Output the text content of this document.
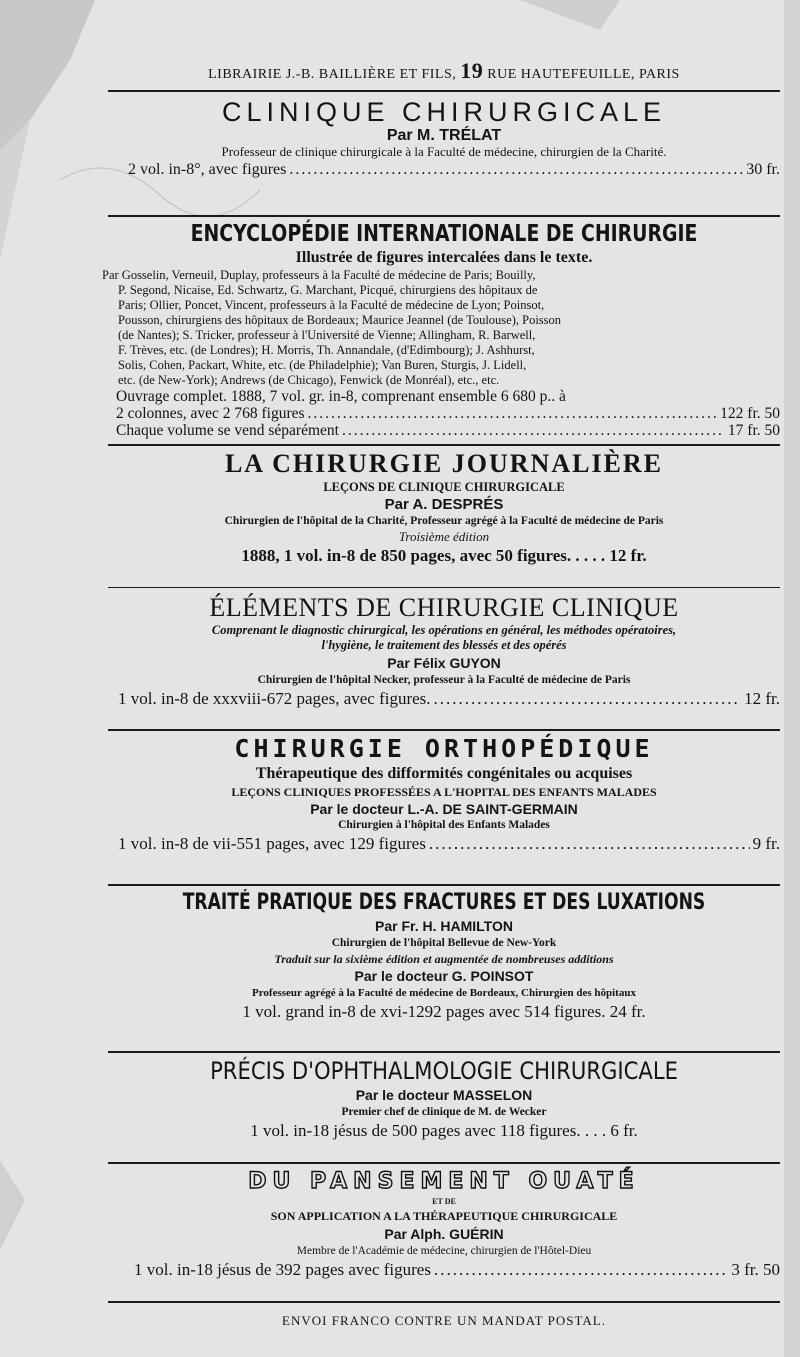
LIBRAIRIE J.-B. BAILLIÈRE ET FILS, 19 RUE HAUTEFEUILLE, PARIS
CLINIQUE CHIRURGICALE
Par M. TRÉLAT
Professeur de clinique chirurgicale à la Faculté de médecine, chirurgien de la Charité.
2 vol. in-8°, avec figures .....	30 fr.
ENCYCLOPÉDIE INTERNATIONALE DE CHIRURGIE
Illustrée de figures intercalées dans le texte.
Par Gosselin, Verneuil, Duplay, professeurs à la Faculté de médecine de Paris; Bouilly,
P. Segond, Nicaise, Ed. Schwartz, G. Marchant, Picqué, chirurgiens des hôpitaux de
Paris; Ollier, Poncet, Vincent, professeurs à la Faculté de médecine de Lyon; Poinsot,
Pousson, chirurgiens des hôpitaux de Bordeaux; Maurice Jeannel (de Toulouse), Poisson
(de Nantes); S. Tricker, professeur à l'Université de Vienne; Allingham, R. Barwell,
F. Trèves, etc. (de Londres); H. Morris, Th. Annandale, (d'Edimbourg); J. Ashhurst,
Solis, Cohen, Packart, White, etc. (de Philadelphie); Van Buren, Sturgis, J. Lidell,
etc. (de New-York); Andrews (de Chicago), Fenwick (de Monréal), etc., etc.
Ouvrage complet. 1888, 7 vol. gr. in-8, comprenant ensemble 6 680 p.. à
2 colonnes, avec 2 768 figures .....	122 fr. 50
Chaque volume se vend séparément .....	17 fr. 50
LA CHIRURGIE JOURNALIÈRE
LEÇONS DE CLINIQUE CHIRURGICALE
Par A. DESPRÉS
Chirurgien de l'hôpital de la Charité, Professeur agrégé à la Faculté de médecine de Paris
Troisième édition
1888, 1 vol. in-8 de 850 pages, avec 50 figures. . . . . 12 fr.
ÉLÉMENTS DE CHIRURGIE CLINIQUE
Comprenant le diagnostic chirurgical, les opérations en général, les méthodes opératoires,
l'hygiène, le traitement des blessés et des opérés
Par Félix GUYON
Chirurgien de l'hôpital Necker, professeur à la Faculté de médecine de Paris
1 vol. in-8 de xxxviii-672 pages, avec figures. .....	12 fr.
CHIRURGIE ORTHOPÉDIQUE
Thérapeutique des difformités congénitales ou acquises
LEÇONS CLINIQUES PROFESSÉES A L'HOPITAL DES ENFANTS MALADES
Par le docteur L.-A. DE SAINT-GERMAIN
Chirurgien à l'hôpital des Enfants Malades
1 vol. in-8 de vii-551 pages, avec 129 figures .....	9 fr.
TRAITÉ PRATIQUE DES FRACTURES ET DES LUXATIONS
Par Fr. H. HAMILTON
Chirurgien de l'hôpital Bellevue de New-York
Traduit sur la sixième édition et augmentée de nombreuses additions
Par le docteur G. POINSOT
Professeur agrégé à la Faculté de médecine de Bordeaux, Chirurgien des hôpitaux
1 vol. grand in-8 de xvi-1292 pages avec 514 figures. 24 fr.
PRÉCIS D'OPHTHALMOLOGIE CHIRURGICALE
Par le docteur MASSELON
Premier chef de clinique de M. de Wecker
1 vol. in-18 jésus de 500 pages avec 118 figures. . . . 6 fr.
DU PANSEMENT OUATÉ
ET DE
SON APPLICATION A LA THÉRAPEUTIQUE CHIRURGICALE
Par Alph. GUÉRIN
Membre de l'Académie de médecine, chirurgien de l'Hôtel-Dieu
1 vol. in-18 jésus de 392 pages avec figures .....	3 fr. 50
ENVOI FRANCO CONTRE UN MANDAT POSTAL.
